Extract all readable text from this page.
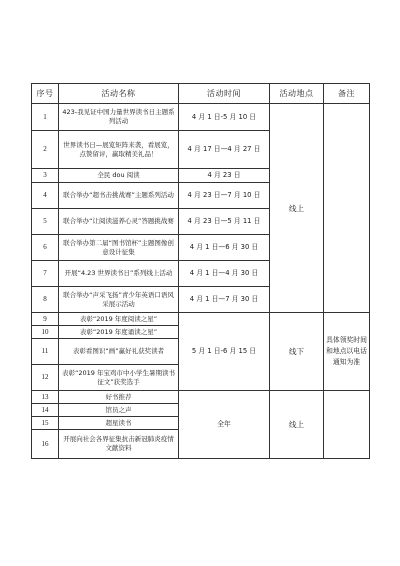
序号	活动名称	活动时间	活动地点	备注
1	423-我见证中国力量世界读书日主题系列活动	4 月 1 日-5 月 10 日	线上	
2	世界读书日—展览矩阵来袭，看展览，点赞留评，赢取精美礼品！	4 月 17 日—4 月 27 日		
3	全民 dou 阅读	4 月 23 日		
4	联合举办“超书击挑战赛”主题系列活动	4 月 23 日—7 月 10 日		
5	联合举办“让阅读滋养心灵”答题挑战赛	4 月 23 日—5 月 11 日		
6	联合举办第二届“图书馆杯”主题图像创意设计征集	4 月 1 日—6 月 30 日		
7	开展“4.23 世界读书日”系列线上活动	4 月 1 日—4 月 30 日		
8	联合举办“声采飞扬”青少年英语口语风采展示活动	4 月 1 日—7 月 30 日		
9	表彰“2019 年度阅读之星”	5 月 1 日-6 月 15 日	线下	具体领奖时间和地点以电话通知为准
10	表彰“2019 年度诵读之星”			
11	表彰看图识“画”赢好礼获奖读者			
12	表彰“2019 年宝鸡市中小学生暑期读书征文”获奖选手			
13	好书推荐	全年	线上	
14	馆员之声			
15	超星读书			
16	开展向社会各界征集抗击新冠肺炎疫情文献资料			
